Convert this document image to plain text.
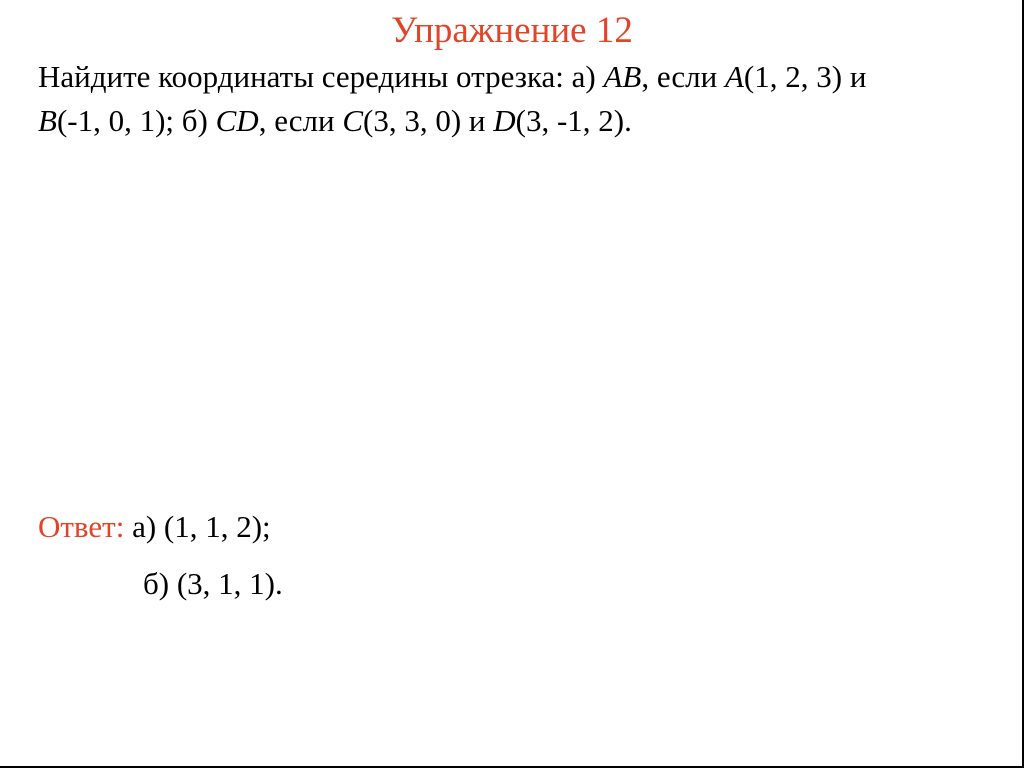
Упражнение 12
Найдите координаты середины отрезка: а) AB, если A(1, 2, 3) и
B(-1, 0, 1); б) CD, если C(3, 3, 0) и D(3, -1, 2).
Ответ: а) (1, 1, 2);
б) (3, 1, 1).
